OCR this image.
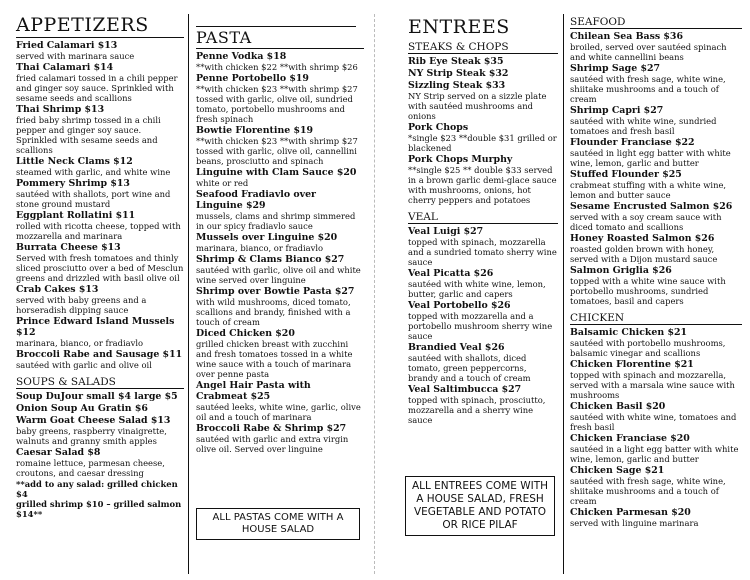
APPETIZERS
Fried Calamari $13
served with marinara sauce
Thai Calamari $14
fried calamari tossed in a chili pepper and ginger soy sauce. Sprinkled with sesame seeds and scallions
Thai Shrimp $13
fried baby shrimp tossed in a chili pepper and ginger soy sauce. Sprinkled with sesame seeds and scallions
Little Neck Clams $12
steamed with garlic, and white wine
Pommery Shrimp $13
sautéed with shallots, port wine and stone ground mustard
Eggplant Rollatini $11
rolled with ricotta cheese, topped with mozzarella and marinara
Burrata Cheese $13
Served with fresh tomatoes and thinly sliced prosciutto over a bed of Mesclun greens and drizzled with basil olive oil
Crab Cakes $13
served with baby greens and a horseradish dipping sauce
Prince Edward Island Mussels $12
marinara, bianco, or fradiavlo
Broccoli Rabe and Sausage $11
sautéed with garlic and olive oil
SOUPS & SALADS
Soup DuJour small $4 large $5
Onion Soup Au Gratin $6
Warm Goat Cheese Salad $13
baby greens, raspberry vinaigrette, walnuts and granny smith apples
Caesar Salad $8
romaine lettuce, parmesan cheese, croutons, and caesar dressing
**add to any salad: grilled chicken $4
grilled shrimp $10 – grilled salmon $14**
PASTA
Penne Vodka $18
**with chicken $22 **with shrimp $26
Penne Portobello $19
**with chicken $23 **with shrimp $27 tossed with garlic, olive oil, sundried tomato, portobello mushrooms and fresh spinach
Bowtie Florentine $19
**with chicken $23 **with shrimp $27 tossed with garlic, olive oil, cannellini beans, prosciutto and spinach
Linguine with Clam Sauce $20
white or red
Seafood Fradiavlo over Linguine $29
mussels, clams and shrimp simmered in our spicy fradiavlo sauce
Mussels over Linguine $20
marinara, bianco, or fradiavlo
Shrimp & Clams Bianco $27
sautéed with garlic, olive oil and white wine served over linguine
Shrimp over Bowtie Pasta $27
with wild mushrooms, diced tomato, scallions and brandy, finished with a touch of cream
Diced Chicken $20
grilled chicken breast with zucchini and fresh tomatoes tossed in a white wine sauce with a touch of marinara over penne pasta
Angel Hair Pasta with Crabmeat $25
sautéed leeks, white wine, garlic, olive oil and a touch of marinara
Broccoli Rabe & Shrimp $27
sautéed with garlic and extra virgin olive oil. Served over linguine
ALL PASTAS COME WITH A HOUSE SALAD
ENTREES
STEAKS & CHOPS
Rib Eye Steak $35
NY Strip Steak $32
Sizzling Steak $33
NY Strip served on a sizzle plate with sautéed mushrooms and onions
Pork Chops
*single $23 **double $31 grilled or blackened
Pork Chops Murphy
**single $25 ** double $33 served in a brown garlic demi-glace sauce with mushrooms, onions, hot cherry peppers and potatoes
VEAL
Veal Luigi $27
topped with spinach, mozzarella and a sundried tomato sherry wine sauce
Veal Picatta $26
sautéed with white wine, lemon, butter, garlic and capers
Veal Portobello $26
topped with mozzarella and a portobello mushroom sherry wine sauce
Brandied Veal $26
sautéed with shallots, diced tomato, green peppercorns, brandy and a touch of cream
Veal Saltimbucca $27
topped with spinach, prosciutto, mozzarella and a sherry wine sauce
ALL ENTREES COME WITH A HOUSE SALAD, FRESH VEGETABLE AND POTATO OR RICE PILAF
SEAFOOD
Chilean Sea Bass $36
broiled, served over sautéed spinach and white cannellini beans
Shrimp Sage $27
sautéed with fresh sage, white wine, shiitake mushrooms and a touch of cream
Shrimp Capri $27
sautéed with white wine, sundried tomatoes and fresh basil
Flounder Franciase $22
sautéed in light egg batter with white wine, lemon, garlic and butter
Stuffed Flounder $25
crabmeat stuffing with a white wine, lemon and butter sauce
Sesame Encrusted Salmon $26
served with a soy cream sauce with diced tomato and scallions
Honey Roasted Salmon $26
roasted golden brown with honey, served with a Dijon mustard sauce
Salmon Griglia $26
topped with a white wine sauce with portobello mushrooms, sundried tomatoes, basil and capers
CHICKEN
Balsamic Chicken $21
sautéed with portobello mushrooms, balsamic vinegar and scallions
Chicken Florentine $21
topped with spinach and mozzarella, served with a marsala wine sauce with mushrooms
Chicken Basil $20
sautéed with white wine, tomatoes and fresh basil
Chicken Franciase $20
sautéed in a light egg batter with white wine, lemon, garlic and butter
Chicken Sage $21
sautéed with fresh sage, white wine, shiitake mushrooms and a touch of cream
Chicken Parmesan $20
served with linguine marinara
